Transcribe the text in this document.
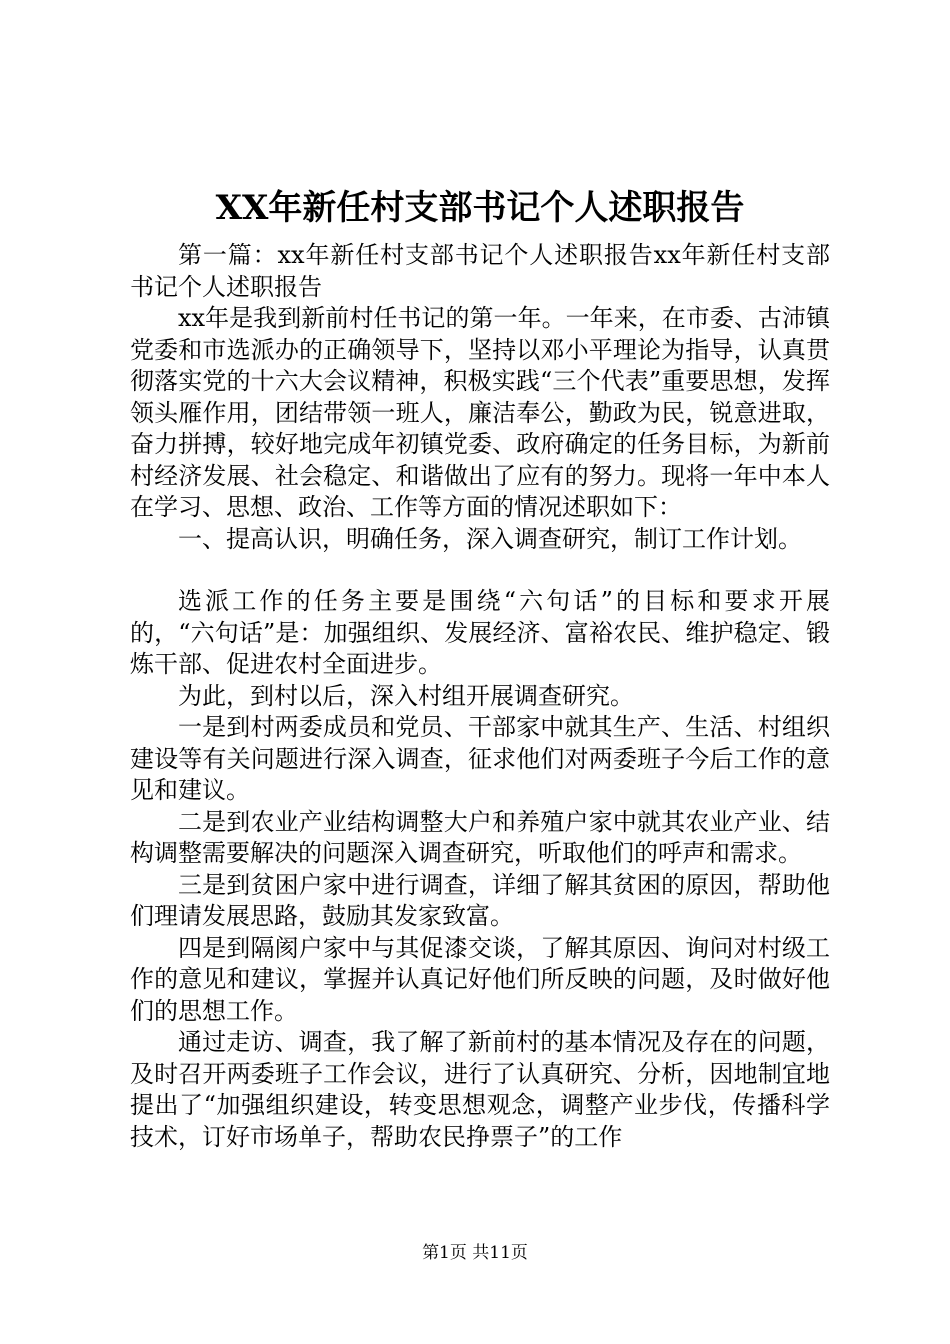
XX年新任村支部书记个人述职报告

第一篇：xx年新任村支部书记个人述职报告xx年新任村支部书记个人述职报告

xx年是我到新前村任书记的第一年。一年来，在市委、古沛镇党委和市选派办的正确领导下，坚持以邓小平理论为指导，认真贯彻落实党的十六大会议精神，积极实践“三个代表”重要思想，发挥领头雁作用，团结带领一班人，廉洁奉公，勤政为民，锐意进取，奋力拼搏，较好地完成年初镇党委、政府确定的任务目标，为新前村经济发展、社会稳定、和谐做出了应有的努力。现将一年中本人在学习、思想、政治、工作等方面的情况述职如下：

一、提高认识，明确任务，深入调查研究，制订工作计划。

选派工作的任务主要是围绕“六句话”的目标和要求开展的，“六句话”是：加强组织、发展经济、富裕农民、维护稳定、锻炼干部、促进农村全面进步。

为此，到村以后，深入村组开展调查研究。

一是到村两委成员和党员、干部家中就其生产、生活、村组织建设等有关问题进行深入调查，征求他们对两委班子今后工作的意见和建议。

二是到农业产业结构调整大户和养殖户家中就其农业产业、结构调整需要解决的问题深入调查研究，听取他们的呼声和需求。

三是到贫困户家中进行调查，详细了解其贫困的原因，帮助他们理请发展思路，鼓励其发家致富。

四是到隔阂户家中与其促漆交谈，了解其原因、询问对村级工作的意见和建议，掌握并认真记好他们所反映的问题，及时做好他们的思想工作。

通过走访、调查，我了解了新前村的基本情况及存在的问题，及时召开两委班子工作会议，进行了认真研究、分析，因地制宜地提出了“加强组织建设，转变思想观念，调整产业步伐，传播科学技术，订好市场单子，帮助农民挣票子”的工作

第1页 共11页
